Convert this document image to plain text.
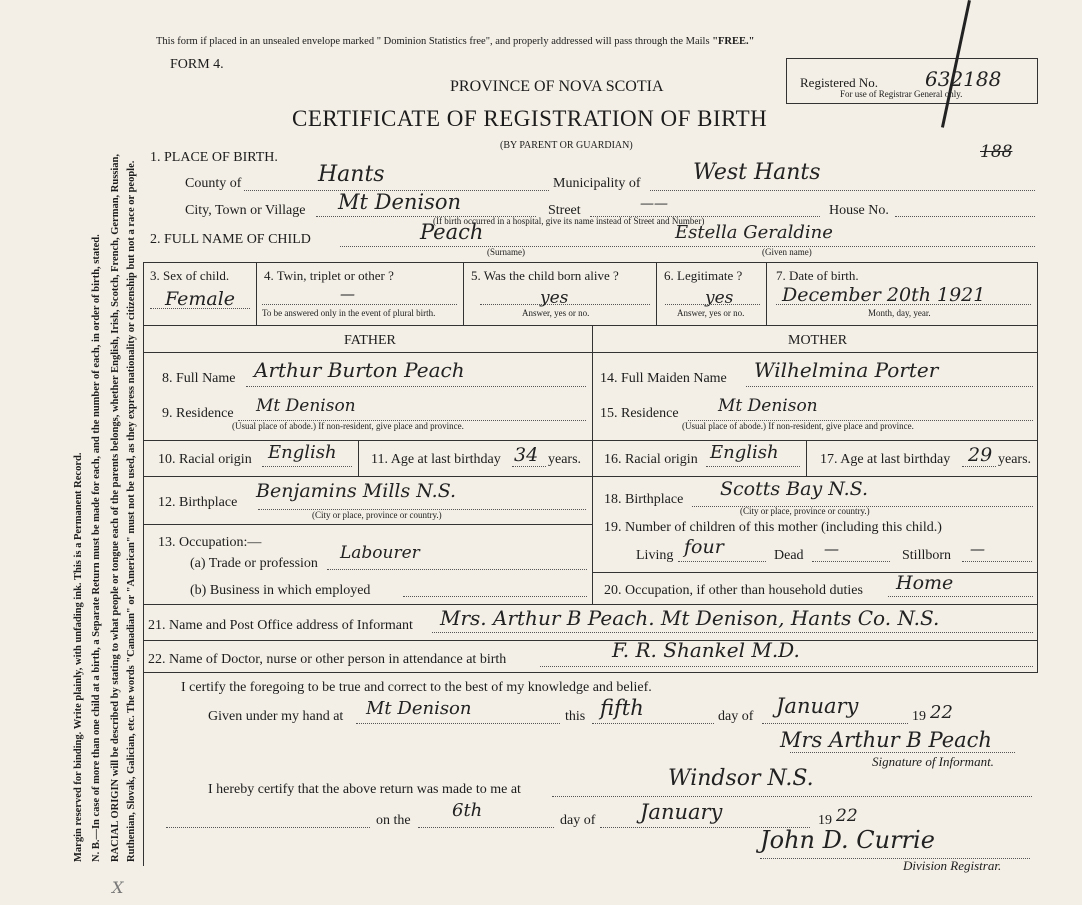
Margin reserved for binding. Write plainly, with unfading ink. This is a Permanent Record. N. B.—In case of more than one child at a birth, a Separate Return must be made for each, and the number of each, in order of birth, stated. RACIAL ORIGIN will be described by stating to what people or tongue each of the parents belongs, whether English, Irish, Scotch, French, German, Russian, Ruthenian, Slovak, Galician, etc. The words "Canadian" or "American" must not be used, as they express nationality or citizenship but not a race or people.
X
This form if placed in an unsealed envelope marked " Dominion Statistics free", and properly addressed will pass through the Mails "FREE."
FORM 4.
PROVINCE OF NOVA SCOTIA
CERTIFICATE OF REGISTRATION OF BIRTH
(BY PARENT OR GUARDIAN)
Registered No. 632188
For use of Registrar General only.
188
1. PLACE OF BIRTH.
County of	Hants	Municipality of West Hants
City, Town or Village Mt Denison	Street	——	House No.
(If birth occurred in a hospital, give its name instead of Street and Number)
2. FULL NAME OF CHILD	Peach	Estella Geraldine
(Surname)	(Given name)
3. Sex of child.
Female
4. Twin, triplet or other ?
—
To be answered only in the event of plural birth.
5. Was the child born alive ?
yes
Answer, yes or no.
6. Legitimate ?
yes
Answer, yes or no.
7. Date of birth.
December 20th 1921
Month, day, year.
FATHER	MOTHER
8. Full Name Arthur Burton Peach
9. Residence Mt Denison
(Usual place of abode.) If non-resident, give place and province.
10. Racial origin English 11. Age at last birthday 34 years.
12. Birthplace
Benjamins Mills N.S.
(City or place, province or country.)
13. Occupation:—
(a) Trade or profession
Labourer
(b) Business in which employed
14. Full Maiden Name Wilhelmina Porter
15. Residence Mt Denison
(Usual place of abode.) If non-resident, give place and province.
16. Racial origin English	17. Age at last birthday 29 years.
18. Birthplace Scotts Bay N.S.
(City or place, province or country.)
19. Number of children of this mother (including this child.)
Living four	Dead —	Stillborn —
20. Occupation, if other than household duties Home
21. Name and Post Office address of Informant Mrs. Arthur B Peach. Mt Denison, Hants Co. N.S.
22. Name of Doctor, nurse or other person in attendance at birth	F. R. Shankel M.D.
I certify the foregoing to be true and correct to the best of my knowledge and belief.
Given under my hand at Mt Denison	this fifth	day of January	19 22
Mrs Arthur B Peach
Signature of Informant.
I hereby certify that the above return was made to me at	Windsor N.S.
on the 6th	day of January	19 22
John D. Currie
Division Registrar.
